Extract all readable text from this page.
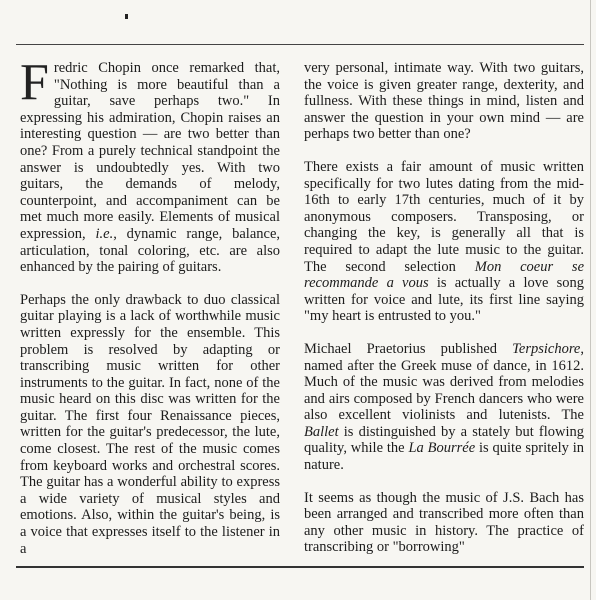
Fredric Chopin once remarked that, "Nothing is more beautiful than a guitar, save perhaps two." In expressing his admiration, Chopin raises an interesting question — are two better than one? From a purely technical standpoint the answer is undoubtedly yes. With two guitars, the demands of melody, counterpoint, and accompaniment can be met much more easily. Elements of musical expression, i.e., dynamic range, balance, articulation, tonal coloring, etc. are also enhanced by the pairing of guitars.

Perhaps the only drawback to duo classical guitar playing is a lack of worthwhile music written expressly for the ensemble. This problem is resolved by adapting or transcribing music written for other instruments to the guitar. In fact, none of the music heard on this disc was written for the guitar. The first four Renaissance pieces, written for the guitar's predecessor, the lute, come closest. The rest of the music comes from keyboard works and orchestral scores. The guitar has a wonderful ability to express a wide variety of musical styles and emotions. Also, within the guitar's being, is a voice that expresses itself to the listener in a

very personal, intimate way. With two guitars, the voice is given greater range, dexterity, and fullness. With these things in mind, listen and answer the question in your own mind — are perhaps two better than one?

There exists a fair amount of music written specifically for two lutes dating from the mid-16th to early 17th centuries, much of it by anonymous composers. Transposing, or changing the key, is generally all that is required to adapt the lute music to the guitar. The second selection Mon coeur se recommande a vous is actually a love song written for voice and lute, its first line saying "my heart is entrusted to you."

Michael Praetorius published Terpsichore, named after the Greek muse of dance, in 1612. Much of the music was derived from melodies and airs composed by French dancers who were also excellent violinists and lutenists. The Ballet is distinguished by a stately but flowing quality, while the La Bourrée is quite spritely in nature.

It seems as though the music of J.S. Bach has been arranged and transcribed more often than any other music in history. The practice of transcribing or "borrowing"
